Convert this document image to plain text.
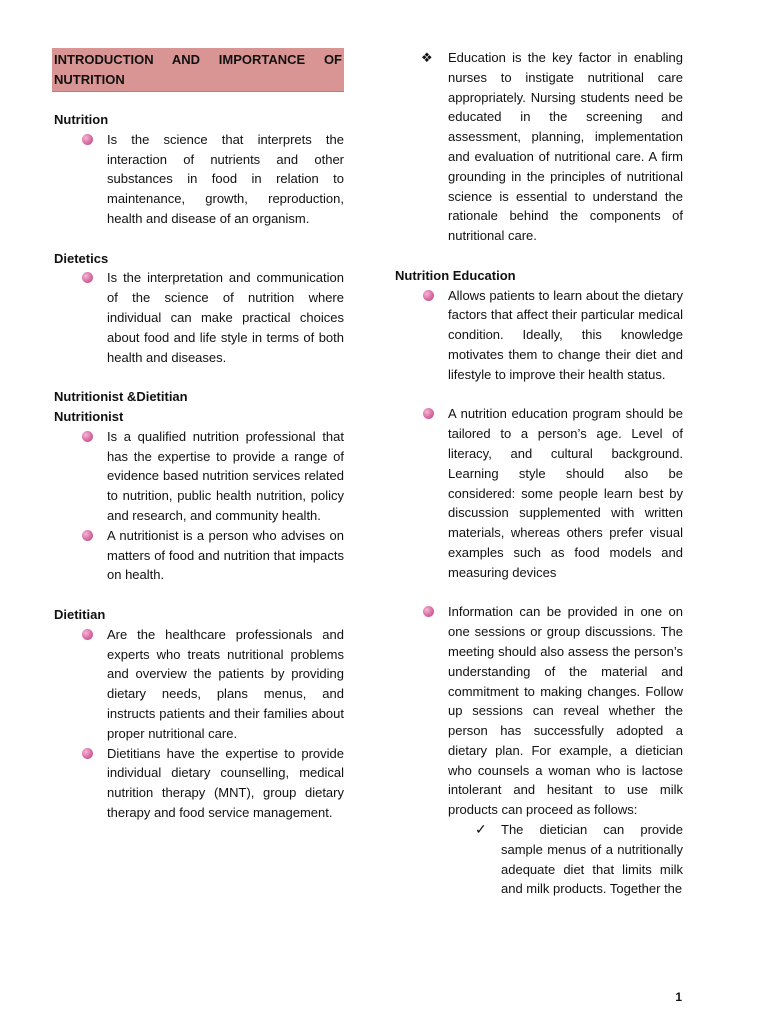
INTRODUCTION AND IMPORTANCE OF
NUTRITION

Nutrition

Is the science that interprets the interaction of nutrients and other substances in food in relation to maintenance, growth, reproduction, health and disease of an organism.

Dietetics

Is the interpretation and communication of the science of nutrition where individual can make practical choices about food and life style in terms of both health and diseases.

Nutritionist &Dietitian

Nutritionist

Is a qualified nutrition professional that has the expertise to provide a range of evidence based nutrition services related to nutrition, public health nutrition, policy and research, and community health.
A nutritionist is a person who advises on matters of food and nutrition that impacts on health.

Dietitian

Are the healthcare professionals and experts who treats nutritional problems and overview the patients by providing dietary needs, plans menus, and instructs patients and their families about proper nutritional care.
Dietitians have the expertise to provide individual dietary counselling, medical nutrition therapy (MNT), group dietary therapy and food service management.
❖ Education is the key factor in enabling nurses to instigate nutritional care appropriately. Nursing students need be educated in the screening and assessment, planning, implementation and evaluation of nutritional care. A firm grounding in the principles of nutritional science is essential to understand the rationale behind the components of nutritional care.

Nutrition Education

Allows patients to learn about the dietary factors that affect their particular medical condition. Ideally, this knowledge motivates them to change their diet and lifestyle to improve their health status.
A nutrition education program should be tailored to a person’s age. Level of literacy, and cultural background. Learning style should also be considered: some people learn best by discussion supplemented with written materials, whereas others prefer visual examples such as food models and measuring devices
Information can be provided in one on one sessions or group discussions. The meeting should also assess the person’s understanding of the material and commitment to making changes. Follow up sessions can reveal whether the person has successfully adopted a dietary plan. For example, a dietician who counsels a woman who is lactose intolerant and hesitant to use milk products can proceed as follows:
✓ The dietician can provide sample menus of a nutritionally adequate diet that limits milk and milk products. Together the
1
